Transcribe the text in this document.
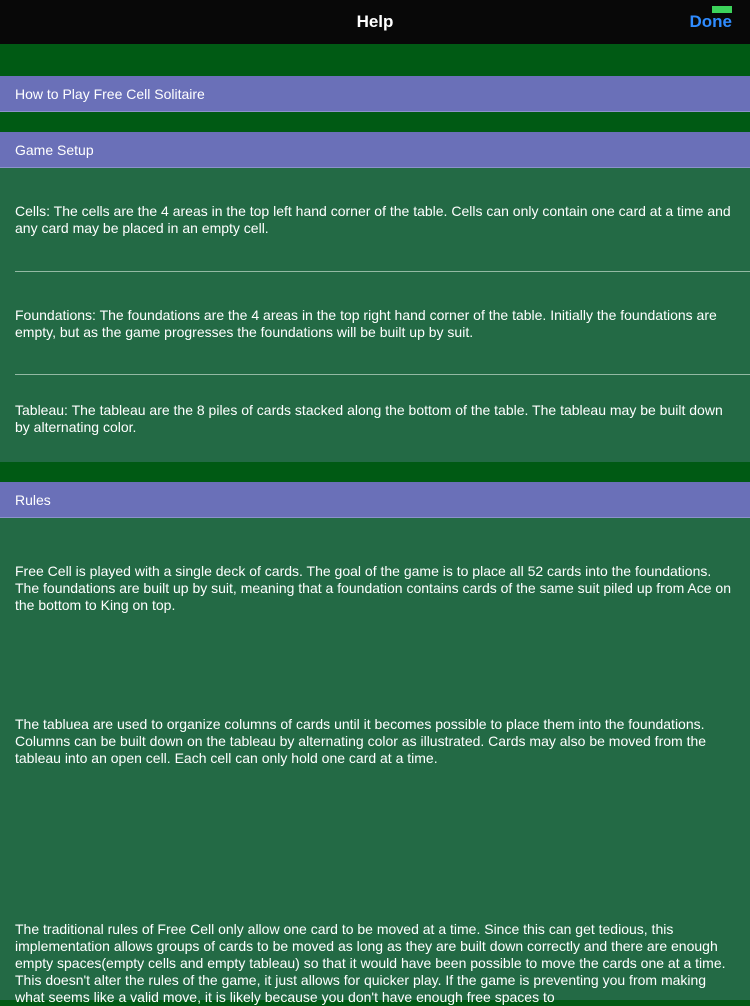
Help	Done
How to Play Free Cell Solitaire
Game Setup
Cells: The cells are the 4 areas in the top left hand corner of the table. Cells can only contain one card at a time and any card may be placed in an empty cell.
Foundations: The foundations are the 4 areas in the top right hand corner of the table. Initially the foundations are empty, but as the game progresses the foundations will be built up by suit.
Tableau: The tableau are the 8 piles of cards stacked along the bottom of the table. The tableau may be built down by alternating color.
Rules
Free Cell is played with a single deck of cards. The goal of the game is to place all 52 cards into the foundations. The foundations are built up by suit, meaning that a foundation contains cards of the same suit piled up from Ace on the bottom to King on top.
The tabluea are used to organize columns of cards until it becomes possible to place them into the foundations. Columns can be built down on the tableau by alternating color as illustrated. Cards may also be moved from the tableau into an open cell. Each cell can only hold one card at a time.
The traditional rules of Free Cell only allow one card to be moved at a time. Since this can get tedious, this implementation allows groups of cards to be moved as long as they are built down correctly and there are enough empty spaces(empty cells and empty tableau) so that it would have been possible to move the cards one at a time. This doesn't alter the rules of the game, it just allows for quicker play. If the game is preventing you from making what seems like a valid move, it is likely because you don't have enough free spaces to
